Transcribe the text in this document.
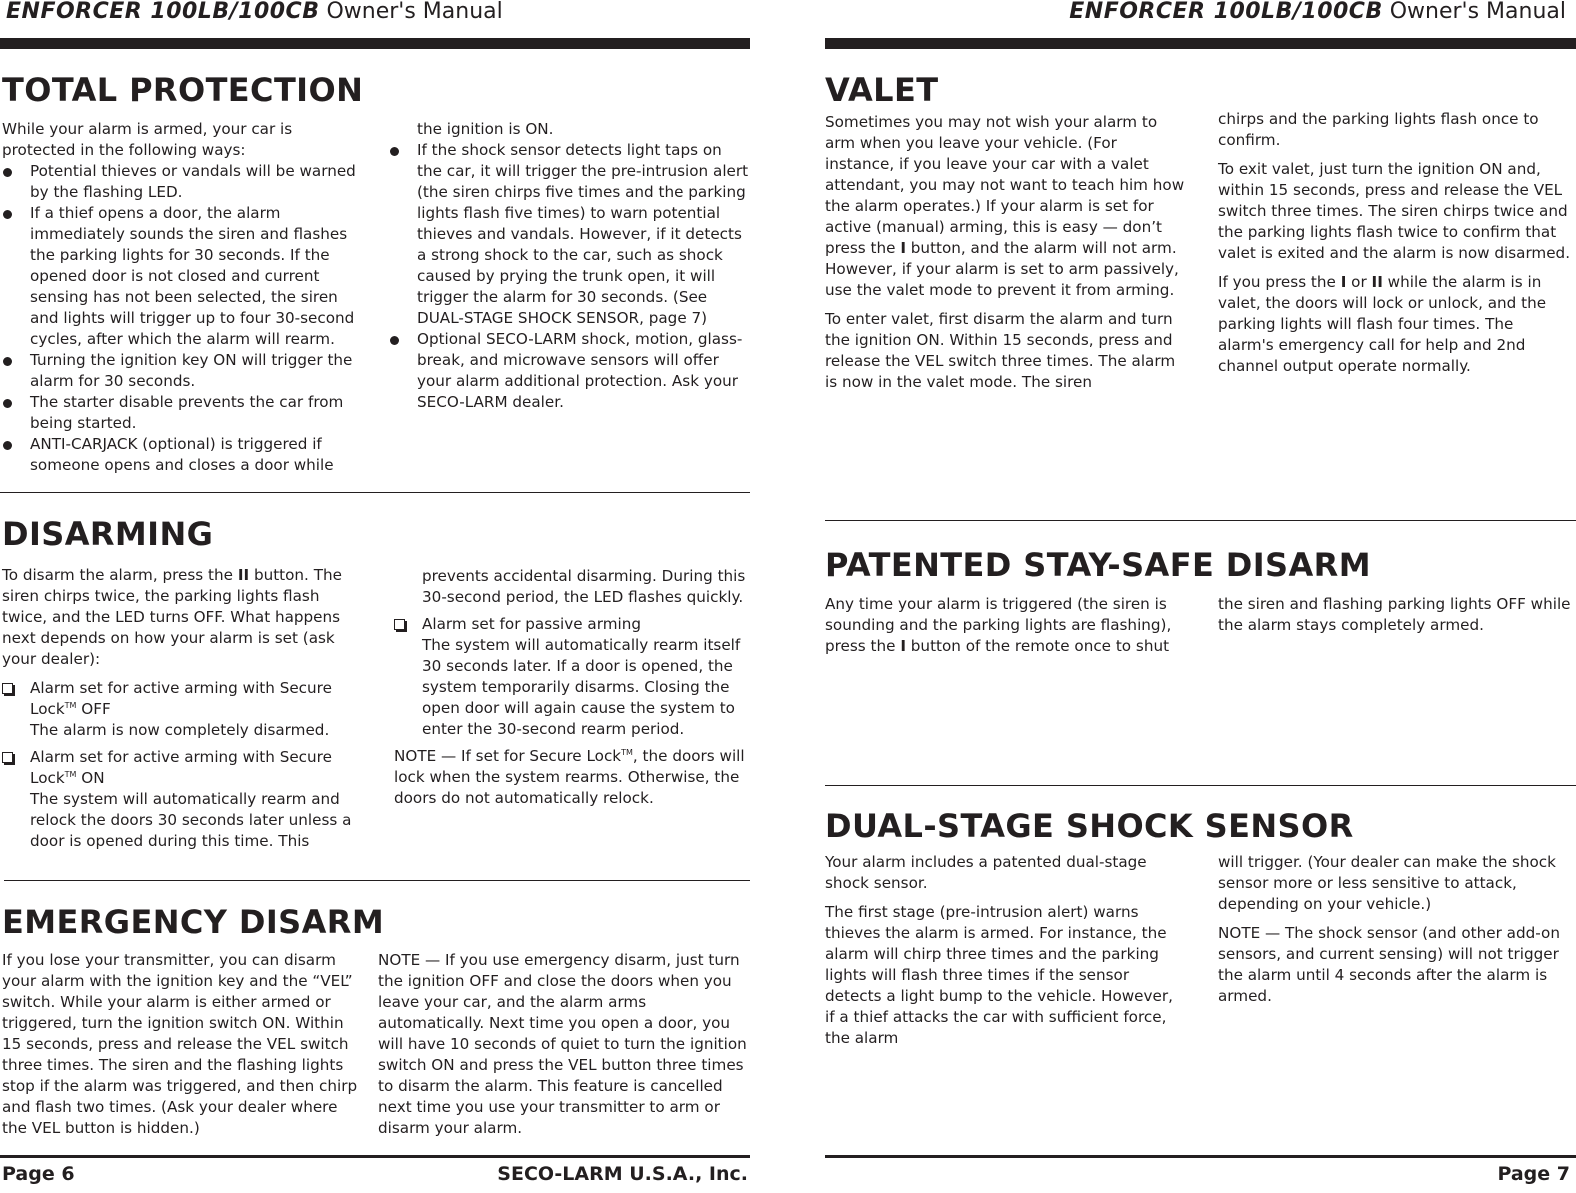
ENFORCER 100LB/100CB Owner's Manual	ENFORCER 100LB/100CB Owner's Manual
TOTAL PROTECTION

While your alarm is armed, your car is protected in the following ways:

Potential thieves or vandals will be warned by the flashing LED.
If a thief opens a door, the alarm immediately sounds the siren and flashes the parking lights for 30 seconds. If the opened door is not closed and current sensing has not been selected, the siren and lights will trigger up to four 30-second cycles, after which the alarm will rearm.
Turning the ignition key ON will trigger the alarm for 30 seconds.
The starter disable prevents the car from being started.
ANTI-CARJACK (optional) is triggered if someone opens and closes a door while
the ignition is ON.
If the shock sensor detects light taps on the car, it will trigger the pre-intrusion alert (the siren chirps five times and the parking lights flash five times) to warn potential thieves and vandals. However, if it detects a strong shock to the car, such as shock caused by prying the trunk open, it will trigger the alarm for 30 seconds. (See DUAL-STAGE SHOCK SENSOR, page 7)
Optional SECO-LARM shock, motion, glass-break, and microwave sensors will offer your alarm additional protection. Ask your SECO-LARM dealer.
DISARMING

To disarm the alarm, press the II button. The siren chirps twice, the parking lights flash twice, and the LED turns OFF. What happens next depends on how your alarm is set (ask your dealer):

Alarm set for active arming with Secure Lock™ OFF
The alarm is now completely disarmed.
Alarm set for active arming with Secure Lock™ ON
The system will automatically rearm and relock the doors 30 seconds later unless a door is opened during this time. This
prevents accidental disarming. During this 30-second period, the LED flashes quickly.
Alarm set for passive arming
The system will automatically rearm itself 30 seconds later. If a door is opened, the system temporarily disarms. Closing the open door will again cause the system to enter the 30-second rearm period.

NOTE — If set for Secure Lock™, the doors will lock when the system rearms. Otherwise, the doors do not automatically relock.

EMERGENCY DISARM

If you lose your transmitter, you can disarm your alarm with the ignition key and the “VEL” switch. While your alarm is either armed or triggered, turn the ignition switch ON. Within 15 seconds, press and release the VEL switch three times. The siren and the flashing lights stop if the alarm was triggered, and then chirp and flash two times. (Ask your dealer where the VEL button is hidden.)

NOTE — If you use emergency disarm, just turn the ignition OFF and close the doors when you leave your car, and the alarm arms automatically. Next time you open a door, you will have 10 seconds of quiet to turn the ignition switch ON and press the VEL button three times to disarm the alarm. This feature is cancelled next time you use your transmitter to arm or disarm your alarm.

VALET

Sometimes you may not wish your alarm to arm when you leave your vehicle. (For instance, if you leave your car with a valet attendant, you may not want to teach him how the alarm operates.) If your alarm is set for active (manual) arming, this is easy — don’t press the I button, and the alarm will not arm. However, if your alarm is set to arm passively, use the valet mode to prevent it from arming.

To enter valet, first disarm the alarm and turn the ignition ON. Within 15 seconds, press and release the VEL switch three times. The alarm is now in the valet mode. The siren

chirps and the parking lights flash once to confirm.

To exit valet, just turn the ignition ON and, within 15 seconds, press and release the VEL switch three times. The siren chirps twice and the parking lights flash twice to confirm that valet is exited and the alarm is now disarmed.

If you press the I or II while the alarm is in valet, the doors will lock or unlock, and the parking lights will flash four times. The alarm's emergency call for help and 2nd channel output operate normally.

PATENTED STAY-SAFE DISARM

Any time your alarm is triggered (the siren is sounding and the parking lights are flashing), press the I button of the remote once to shut

the siren and flashing parking lights OFF while the alarm stays completely armed.

DUAL-STAGE SHOCK SENSOR

Your alarm includes a patented dual-stage shock sensor.

The first stage (pre-intrusion alert) warns thieves the alarm is armed. For instance, the alarm will chirp three times and the parking lights will flash three times if the sensor detects a light bump to the vehicle. However, if a thief attacks the car with sufficient force, the alarm

will trigger. (Your dealer can make the shock sensor more or less sensitive to attack, depending on your vehicle.)

NOTE — The shock sensor (and other add-on sensors, and current sensing) will not trigger the alarm until 4 seconds after the alarm is armed.

Page 6	SECO-LARM U.S.A., Inc.	Page 7
